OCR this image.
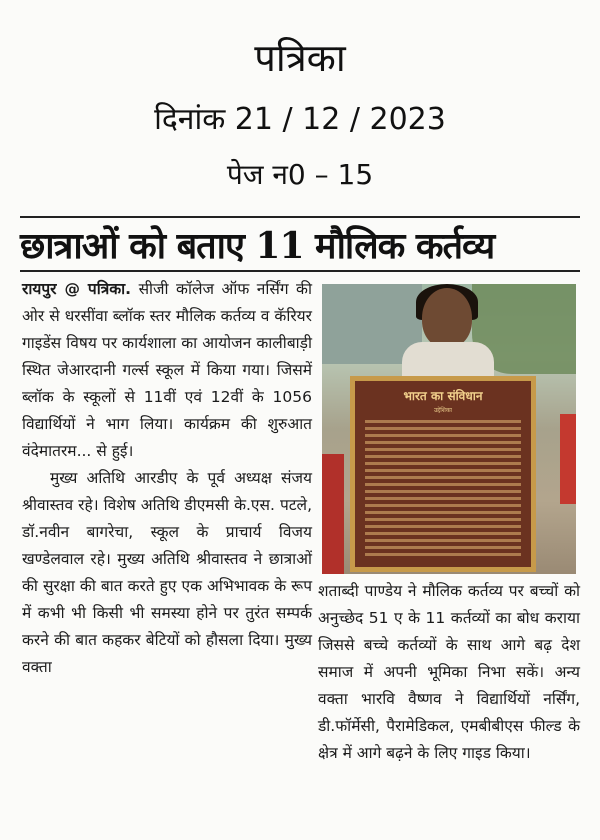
पत्रिका
दिनांक 21 / 12 / 2023
पेज न0 – 15
छात्राओं को बताए 11 मौलिक कर्तव्य

रायपुर @ पत्रिका. सीजी कॉलेज ऑफ नर्सिंग की ओर से धरसींवा ब्लॉक स्तर मौलिक कर्तव्य व कॅरियर गाइडेंस विषय पर कार्यशाला का आयोजन कालीबाड़ी स्थित जेआरदानी गर्ल्स स्कूल में किया गया। जिसमें ब्लॉक के स्कूलों से 11वीं एवं 12वीं के 1056 विद्यार्थियों ने भाग लिया। कार्यक्रम की शुरुआत वंदेमातरम... से हुई।

मुख्य अतिथि आरडीए के पूर्व अध्यक्ष संजय श्रीवास्तव रहे। विशेष अतिथि डीएमसी के.एस. पटले, डॉ.नवीन बागरेचा, स्कूल के प्राचार्य विजय खण्डेलवाल रहे। मुख्य अतिथि श्रीवास्तव ने छात्राओं की सुरक्षा की बात करते हुए एक अभिभावक के रूप में कभी भी किसी भी समस्या होने पर तुरंत सम्पर्क करने की बात कहकर बेटियों को हौसला दिया। मुख्य वक्ता

भारत का संविधान
उद्देशिका

शताब्दी पाण्डेय ने मौलिक कर्तव्य पर बच्चों को अनुच्छेद 51 ए के 11 कर्तव्यों का बोध कराया जिससे बच्चे कर्तव्यों के साथ आगे बढ़ देश समाज में अपनी भूमिका निभा सकें। अन्य वक्ता भारवि वैष्णव ने विद्यार्थियों नर्सिंग, डी.फॉर्मेसी, पैरामेडिकल, एमबीबीएस फील्ड के क्षेत्र में आगे बढ़ने के लिए गाइड किया।
